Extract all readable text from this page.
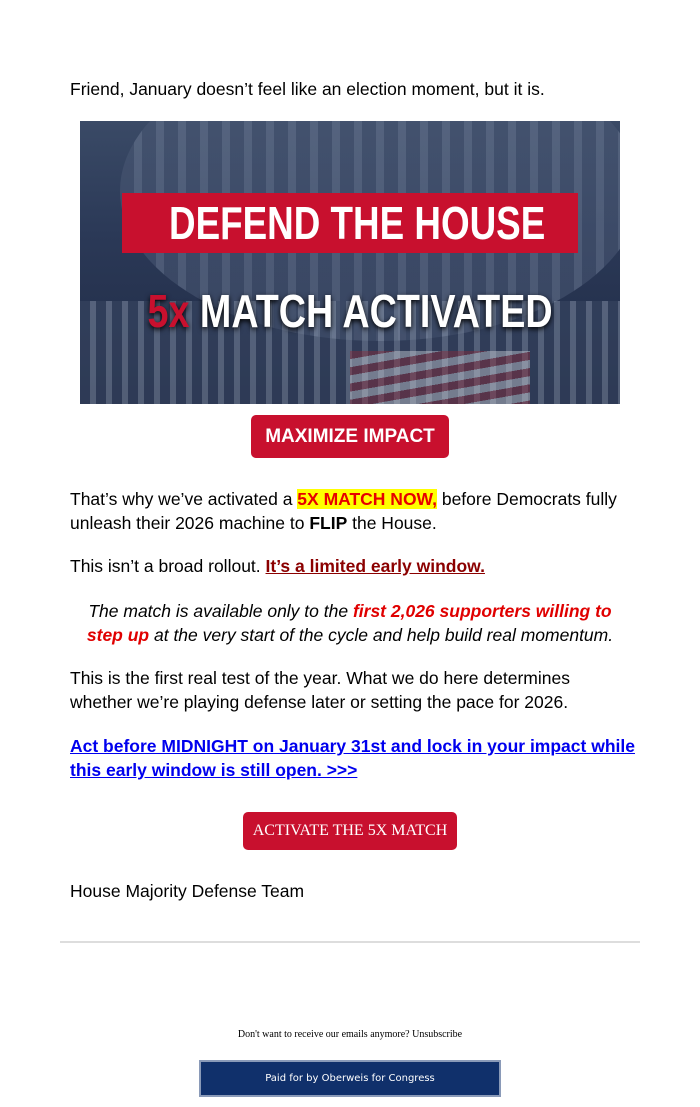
Friend, January doesn’t feel like an election moment, but it is.

DEFEND THE HOUSE
5x MATCH ACTIVATED
MAXIMIZE IMPACT

That’s why we’ve activated a 5X MATCH NOW, before Democrats fully unleash their 2026 machine to FLIP the House.

This isn’t a broad rollout. It’s a limited early window.

The match is available only to the first 2,026 supporters willing to step up at the very start of the cycle and help build real momentum.

This is the first real test of the year. What we do here determines whether we’re playing defense later or setting the pace for 2026.

Act before MIDNIGHT on January 31st and lock in your impact while this early window is still open. >>>

ACTIVATE THE 5X MATCH

House Majority Defense Team

Don't want to receive our emails anymore? Unsubscribe
Paid for by Oberweis for Congress
